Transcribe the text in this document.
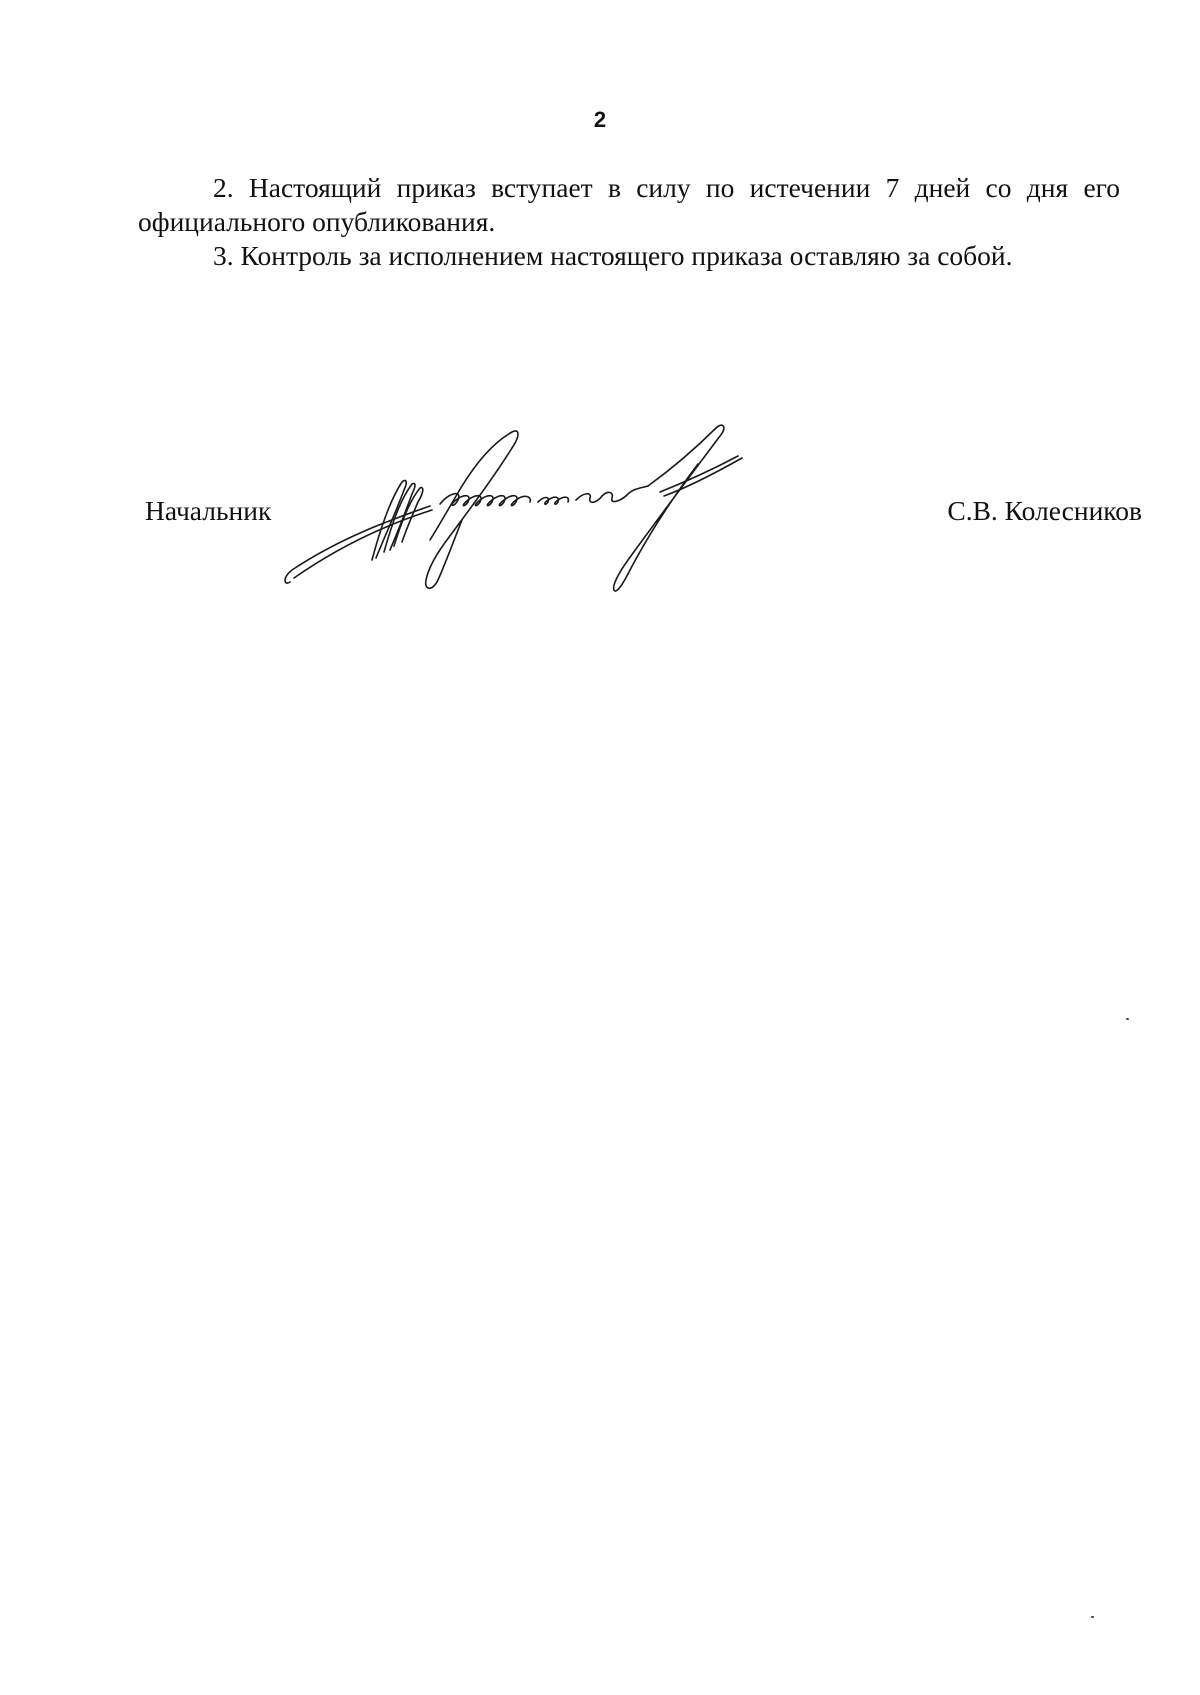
2

2. Настоящий приказ вступает в силу по истечении 7 дней со дня его официального опубликования.

3. Контроль за исполнением настоящего приказа оставляю за собой.

Начальник	С.В. Колесников
